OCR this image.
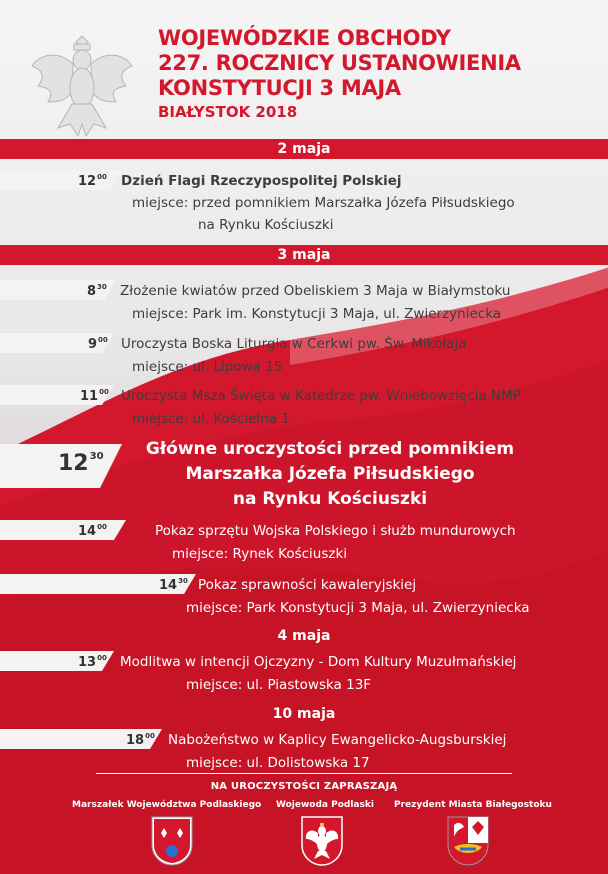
WOJEWÓDZKIE OBCHODY
227. ROCZNICY USTANOWIENIA
KONSTYTUCJI 3 MAJA
BIAŁYSTOK 2018
2 maja
$12^{00}$ Dzień Flagi Rzeczypospolitej Polskiej
miejsce: przed pomnikiem Marszałka Józefa Piłsudskiego
na Rynku Kościuszki
3 maja
$8^{30}$ Złożenie kwiatów przed Obeliskiem 3 Maja w Białymstoku
miejsce: Park im. Konstytucji 3 Maja, ul. Zwierzyniecka
$9^{00}$ Uroczysta Boska Liturgia w Cerkwi pw. Św. Mikołaja
miejsce: ul. Lipowa 15
$11^{00}$ Uroczysta Msza Święta w Katedrze pw. Wniebowzięcia NMP
miejsce: ul. Kościelna 1
$12^{30}$	Główne uroczystości przed pomnikiem
Marszałka Józefa Piłsudskiego
na Rynku Kościuszki
$14^{00}$	Pokaz sprzętu Wojska Polskiego i służb mundurowych
miejsce: Rynek Kościuszki
$14^{30}$ Pokaz sprawności kawaleryjskiej
miejsce: Park Konstytucji 3 Maja, ul. Zwierzyniecka
4 maja
$13^{00}$ Modlitwa w intencji Ojczyzny - Dom Kultury Muzułmańskiej
miejsce: ul. Piastowska 13F
10 maja
$18^{00}$ Nabożeństwo w Kaplicy Ewangelicko-Augsburskiej
miejsce: ul. Dolistowska 17
NA UROCZYSTOŚCI ZAPRASZAJĄ
Marszałek Województwa Podlaskiego Wojewoda Podlaski Prezydent Miasta Białegostoku
